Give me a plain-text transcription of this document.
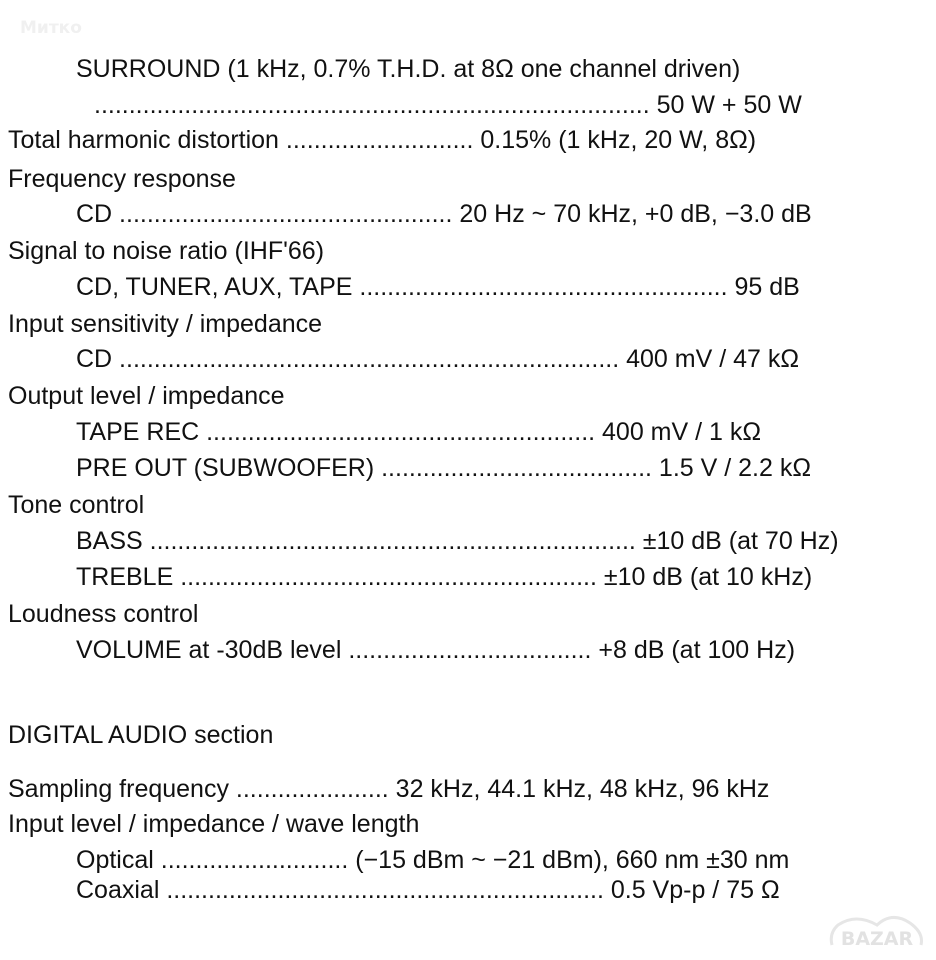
Митко
SURROUND (1 kHz, 0.7% T.H.D. at 8Ω one channel driven)
................................................................................ 50 W + 50 W
Total harmonic distortion ........................... 0.15% (1 kHz, 20 W, 8Ω)
Frequency response
CD ................................................ 20 Hz ~ 70 kHz, +0 dB, −3.0 dB
Signal to noise ratio (IHF'66)
CD, TUNER, AUX, TAPE ..................................................... 95 dB
Input sensitivity / impedance
CD ........................................................................ 400 mV / 47 kΩ
Output level / impedance
TAPE REC ........................................................ 400 mV / 1 kΩ
PRE OUT (SUBWOOFER) ....................................... 1.5 V / 2.2 kΩ
Tone control
BASS ...................................................................... ±10 dB (at 70 Hz)
TREBLE ............................................................ ±10 dB (at 10 kHz)
Loudness control
VOLUME at -30dB level ................................... +8 dB (at 100 Hz)
DIGITAL AUDIO section
Sampling frequency ...................... 32 kHz, 44.1 kHz, 48 kHz, 96 kHz
Input level / impedance / wave length
Optical ........................... (−15 dBm ~ −21 dBm), 660 nm ±30 nm
Coaxial ............................................................... 0.5 Vp-p / 75 Ω
BAZAR
